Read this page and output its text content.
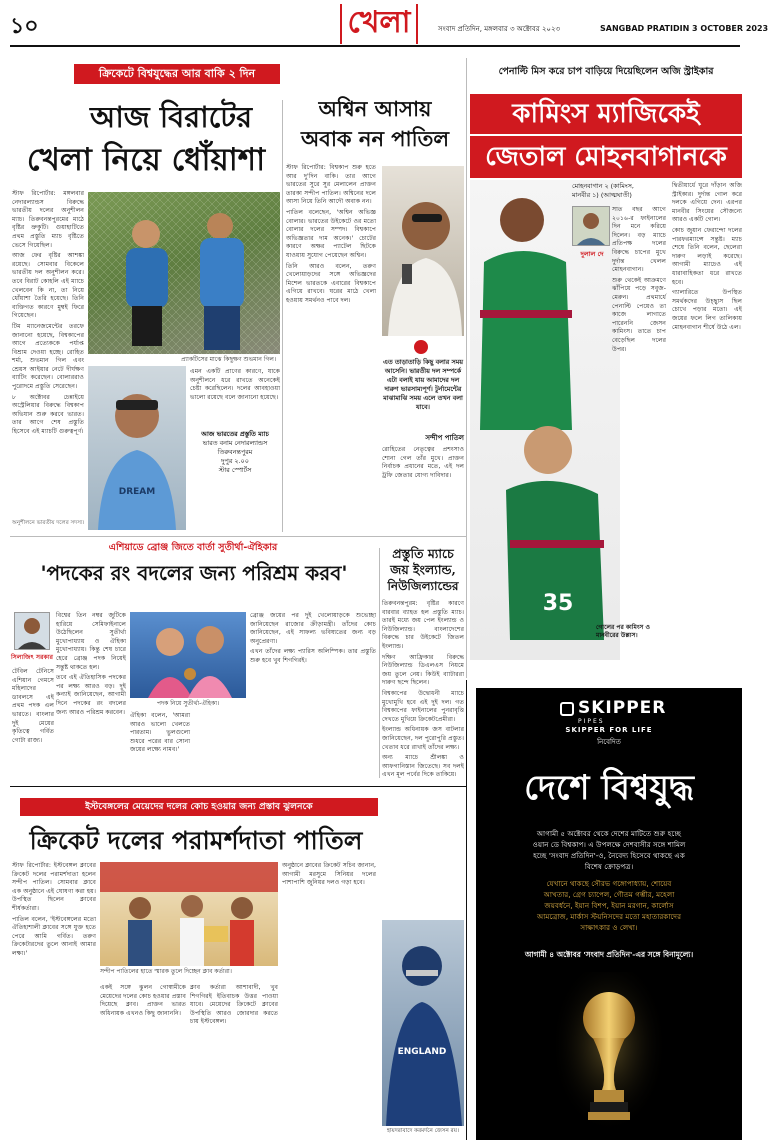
১০	খেলা	সংবাদ প্রতিদিন, মঙ্গলবার ৩ অক্টোবর ২০২৩	SANGBAD PRATIDIN 3 OCTOBER 2023
ক্রিকেটে বিশ্বযুদ্ধের আর বাকি ২ দিন
আজ বিরাটের
খেলা নিয়ে ধোঁয়াশা
স্টাফ রিপোর্টার: মঙ্গলবার নেদারল্যান্ডস বিরুদ্ধে ভারতীয় দলের অনুশীলন ম্যাচ। তিরুবনন্তপুরমের মাঠে বৃষ্টির ভ্রুকুটি। গুয়াহাটিতে প্রথম প্রস্তুতি ম্যাচ বৃষ্টিতে ভেসে গিয়েছিল।
আজ ফের বৃষ্টির আশঙ্কা রয়েছে। সোমবার বিকেলে ভারতীয় দল অনুশীলন করে। তবে বিরাট কোহলি এই ম্যাচে খেলবেন কি না, তা নিয়ে ধোঁয়াশা তৈরি হয়েছে। তিনি ব্যক্তিগত কারণে মুম্বই ফিরে গিয়েছেন।
টিম ম্যানেজমেন্টের তরফে জানানো হয়েছে, বিশ্বকাপের আগে প্রত্যেককে পর্যাপ্ত বিশ্রাম দেওয়া হচ্ছে। রোহিত শর্মা, শুভমান গিল এবং শ্রেয়স আইয়ার নেটে দীর্ঘক্ষণ ব্যাটিং করেছেন। বোলাররাও পুরোদমে প্রস্তুতি সেরেছেন।
৮ অক্টোবর চেন্নাইয়ে অস্ট্রেলিয়ার বিরুদ্ধে বিশ্বকাপ অভিযান শুরু করবে ভারত। তার আগে শেষ প্রস্তুতি হিসেবে এই ম্যাচটি গুরুত্বপূর্ণ।
প্র্যাকটিসের মাঝে কিছুক্ষণ শুভমান গিল।
DREAM
এমন একটি প্রাণের কারণে, যাকে অনুশীলনে ধরে রাখতে অনেকেই চেষ্টা করেছিলেন। দলের আবহাওয়া ভালো রয়েছে বলে জানানো হয়েছে।
আজ ভারতের প্রস্তুতি ম্যাচ
ভারত বনাম নেদারল্যান্ডস
তিরুবনন্তপুরম
দুপুর ২.০০
স্টার স্পোর্টস
অনুশীলনে ভারতীয় দলের সদস্য।
অশ্বিন আসায়
অবাক নন পাতিল
স্টাফ রিপোর্টার: বিশ্বকাপ শুরু হতে আর দু'দিন বাকি। তার আগে ভারতের সুরে সুর মেলালেন প্রাক্তন তারকা সন্দীপ পাতিল। অশ্বিনের দলে আসা নিয়ে তিনি আদৌ অবাক নন।
পাতিল বলেছেন, 'অশ্বিন অভিজ্ঞ বোলার। ভারতের উইকেটে ওর মতো বোলার দলের সম্পদ। বিশ্বকাপে অভিজ্ঞতার দাম অনেক।' চোটের কারণে অক্ষর প্যাটেল ছিটকে যাওয়ায় সুযোগ পেয়েছেন অশ্বিন।
তিনি আরও বলেন, তরুণ খেলোয়াড়দের সঙ্গে অভিজ্ঞদের মিশেল ভারতকে এবারের বিশ্বকাপে এগিয়ে রাখবে। ঘরের মাঠে খেলা হওয়ায় সমর্থনও পাবে দল।
এত তাড়াতাড়ি কিছু বলার সময় আসেনি। ভারতীয় দল সম্পর্কে এটা বলাই যায় আমাদের দল দারুণ ভারসাম্যপূর্ণ। টুর্নামেন্টের মাঝামাঝি সময় এলে তখন বলা যাবে।
সন্দীপ পাতিল
রোহিতের নেতৃত্বের প্রশংসাও শোনা গেল তাঁর মুখে। প্রাক্তন নির্বাচক প্রধানের মতে, এই দল ট্রফি জেতার যোগ্য দাবিদার।
পেনাল্টি মিস করে চাপ বাড়িয়ে দিয়েছিলেন অজি স্ট্রাইকার
কামিংস ম্যাজিকেই
জেতাল মোহনবাগানকে
35
মোহনবাগান ২ (কামিংস,
মানবীর ১) (আত্মঘাতী)
দুলাল দে
সাত বছর আগে ২০১৬-র ফাইনালের দিন মনে করিয়ে দিলেন। বড় ম্যাচে প্রতিপক্ষ দলের বিরুদ্ধে চাপের মুখে দুর্দান্ত খেলল মোহনবাগান।
শুরু থেকেই আক্রমণে ঝাঁপিয়ে পড়ে সবুজ-মেরুন। প্রথমার্ধে পেনাল্টি পেয়েও তা কাজে লাগাতে পারেননি জেসন কামিংস। তাতে চাপ বেড়েছিল দলের উপর।
দ্বিতীয়ার্ধে ঘুরে দাঁড়ান অজি স্ট্রাইকার। দুর্দান্ত গোল করে দলকে এগিয়ে দেন। এরপর মানবীর সিংয়ের সৌজন্যে আরও একটি গোল।
কোচ জুয়ান ফেরান্দো দলের পারফরম্যান্সে সন্তুষ্ট। ম্যাচ শেষে তিনি বলেন, ছেলেরা দারুণ লড়াই করেছে। আগামী ম্যাচেও এই ধারাবাহিকতা ধরে রাখতে হবে।
গ্যালারিতে উপস্থিত সমর্থকদের উচ্ছ্বাস ছিল চোখে পড়ার মতো। এই জয়ের ফলে লিগ তালিকায় মোহনবাগান শীর্ষে উঠে এল।
গোলের পর কামিংস ও মানবীরের উল্লাস।
এশিয়াডে ব্রোঞ্জ জিতে বার্তা সুতীর্থা-ঐহিকার
'পদকের রং বদলের জন্য পরিশ্রম করব'
সিলাজিৎ সরকার
বিশ্বের তিন নম্বর জুটিকে হারিয়ে সেমিফাইনালে উঠেছিলেন সুতীর্থা মুখোপাধ্যায় ও ঐহিকা মুখোপাধ্যায়। কিন্তু শেষ চারে হেরে ব্রোঞ্জ পদক নিয়েই সন্তুষ্ট থাকতে হল।
তবে এই ঐতিহাসিক পদকের পর লক্ষ্য আরও বড়। দুই কন্যাই জানিয়েছেন, আগামী দিনে পদকের রং বদলের জন্য আরও পরিশ্রম করবেন।
টেবিল টেনিসে এশিয়ান গেমসে মহিলাদের ডাবলসে এই প্রথম পদক এল ভারতে। বাংলার দুই মেয়ের কৃতিত্বে গর্বিত গোটা রাজ্য।
পদক নিয়ে সুতীর্থা-ঐহিকা।
ঐহিকা বলেন, 'আমরা আরও ভালো খেলতে পারতাম। ভুলগুলো শুধরে পরের বার সোনা জয়ের লক্ষ্যে নামব।'
ব্রোঞ্জ জয়ের পর দুই খেলোয়াড়কে শুভেচ্ছা জানিয়েছেন রাজ্যের ক্রীড়ামন্ত্রী। তাঁদের কোচ জানিয়েছেন, এই সাফল্য ভবিষ্যতের জন্য বড় অনুপ্রেরণা।
এখন তাঁদের লক্ষ্য প্যারিস অলিম্পিক। তার প্রস্তুতি শুরু হবে খুব শিগগিরই।
প্রস্তুতি ম্যাচে
জয় ইংল্যান্ড,
নিউজিল্যান্ডের
তিরুবনন্তপুরম: বৃষ্টির কারণে বারবার ব্যাহত হল প্রস্তুতি ম্যাচ। তারই মধ্যে জয় পেল ইংল্যান্ড ও নিউজিল্যান্ড। বাংলাদেশের বিরুদ্ধে চার উইকেটে জিতল ইংল্যান্ড।
দক্ষিণ আফ্রিকার বিরুদ্ধে নিউজিল্যান্ড ডিএলএস নিয়মে জয় তুলে নেয়। কিউই ব্যাটাররা দারুণ ছন্দে ছিলেন।
বিশ্বকাপের উদ্বোধনী ম্যাচে মুখোমুখি হবে এই দুই দল। গত বিশ্বকাপের ফাইনালের পুনরাবৃত্তি দেখতে মুখিয়ে ক্রিকেটপ্রেমীরা।
ইংল্যান্ড অধিনায়ক জস বাটলার জানিয়েছেন, দল পুরোপুরি প্রস্তুত। খেতাব ধরে রাখাই তাঁদের লক্ষ্য।
অন্য ম্যাচে শ্রীলঙ্কা ও আফগানিস্তান জিতেছে। সব দলই এখন মূল পর্বের দিকে তাকিয়ে।
ইস্টবেঙ্গলের মেয়েদের দলের কোচ হওয়ার জন্য প্রস্তাব ঝুলনকে
ক্রিকেট দলের পরামর্শদাতা পাতিল
স্টাফ রিপোর্টার: ইস্টবেঙ্গল ক্লাবের ক্রিকেট দলের পরামর্শদাতা হলেন সন্দীপ পাতিল। সোমবার ক্লাবে এক অনুষ্ঠানে এই ঘোষণা করা হয়। উপস্থিত ছিলেন ক্লাবের শীর্ষকর্তারা।
পাতিল বলেন, 'ইস্টবেঙ্গলের মতো ঐতিহ্যশালী ক্লাবের সঙ্গে যুক্ত হতে পেরে আমি গর্বিত। তরুণ ক্রিকেটারদের তুলে আনাই আমার লক্ষ্য।'
সন্দীপ পাতিলের হাতে স্মারক তুলে দিচ্ছেন ক্লাব কর্তারা।
একই সঙ্গে ঝুলন গোস্বামীকে মেয়েদের দলের কোচ হওয়ার প্রস্তাব দিয়েছে ক্লাব। প্রাক্তন ভারত অধিনায়ক এখনও কিছু জানাননি।
ক্লাব কর্তারা আশাবাদী, খুব শিগগিরই ইতিবাচক উত্তর পাওয়া যাবে। মেয়েদের ক্রিকেটে ক্লাবের উপস্থিতি আরও জোরদার করতে চায় ইস্টবেঙ্গল।
অনুষ্ঠানে ক্লাবের ক্রিকেট সচিব জানান, আগামী মরসুমে সিনিয়র দলের পাশাপাশি জুনিয়র দলও গড়া হবে।
ENGLAND
হায়দরাবাদে করমর্দনে জেসন রয়।
SKIPPER
PIPES
SKIPPER FOR LIFE
নিবেদিত
দেশে বিশ্বযুদ্ধ
আগামী ৫ অক্টোবর থেকে দেশের মাটিতে শুরু হচ্ছে
ওয়ান ডে বিশ্বকাপ। এ উপলক্ষে দেশবাসীর সঙ্গে শামিল
হচ্ছে 'সংবাদ প্রতিদিন'-ও, নৈবেদ্য হিসেবে থাকছে এক
বিশেষ ক্রোড়পত্র।
যেখানে থাকছে সৌরভ গঙ্গোপাধ্যায়, শোয়েব
আখতার, গ্রেগ চ্যাপেল, গৌতম গম্ভীর, মহেলা
জয়বর্ধনে, ইয়ান বিশপ, ইয়ান মরগান, কার্লোস
আমব্রোজ, মার্কাস স্টয়নিসদের মতো মহাতারকাদের
সাক্ষাৎকার ও লেখা।
আগামী ৪ অক্টোবর 'সংবাদ প্রতিদিন'-এর সঙ্গে বিনামূল্যে।
